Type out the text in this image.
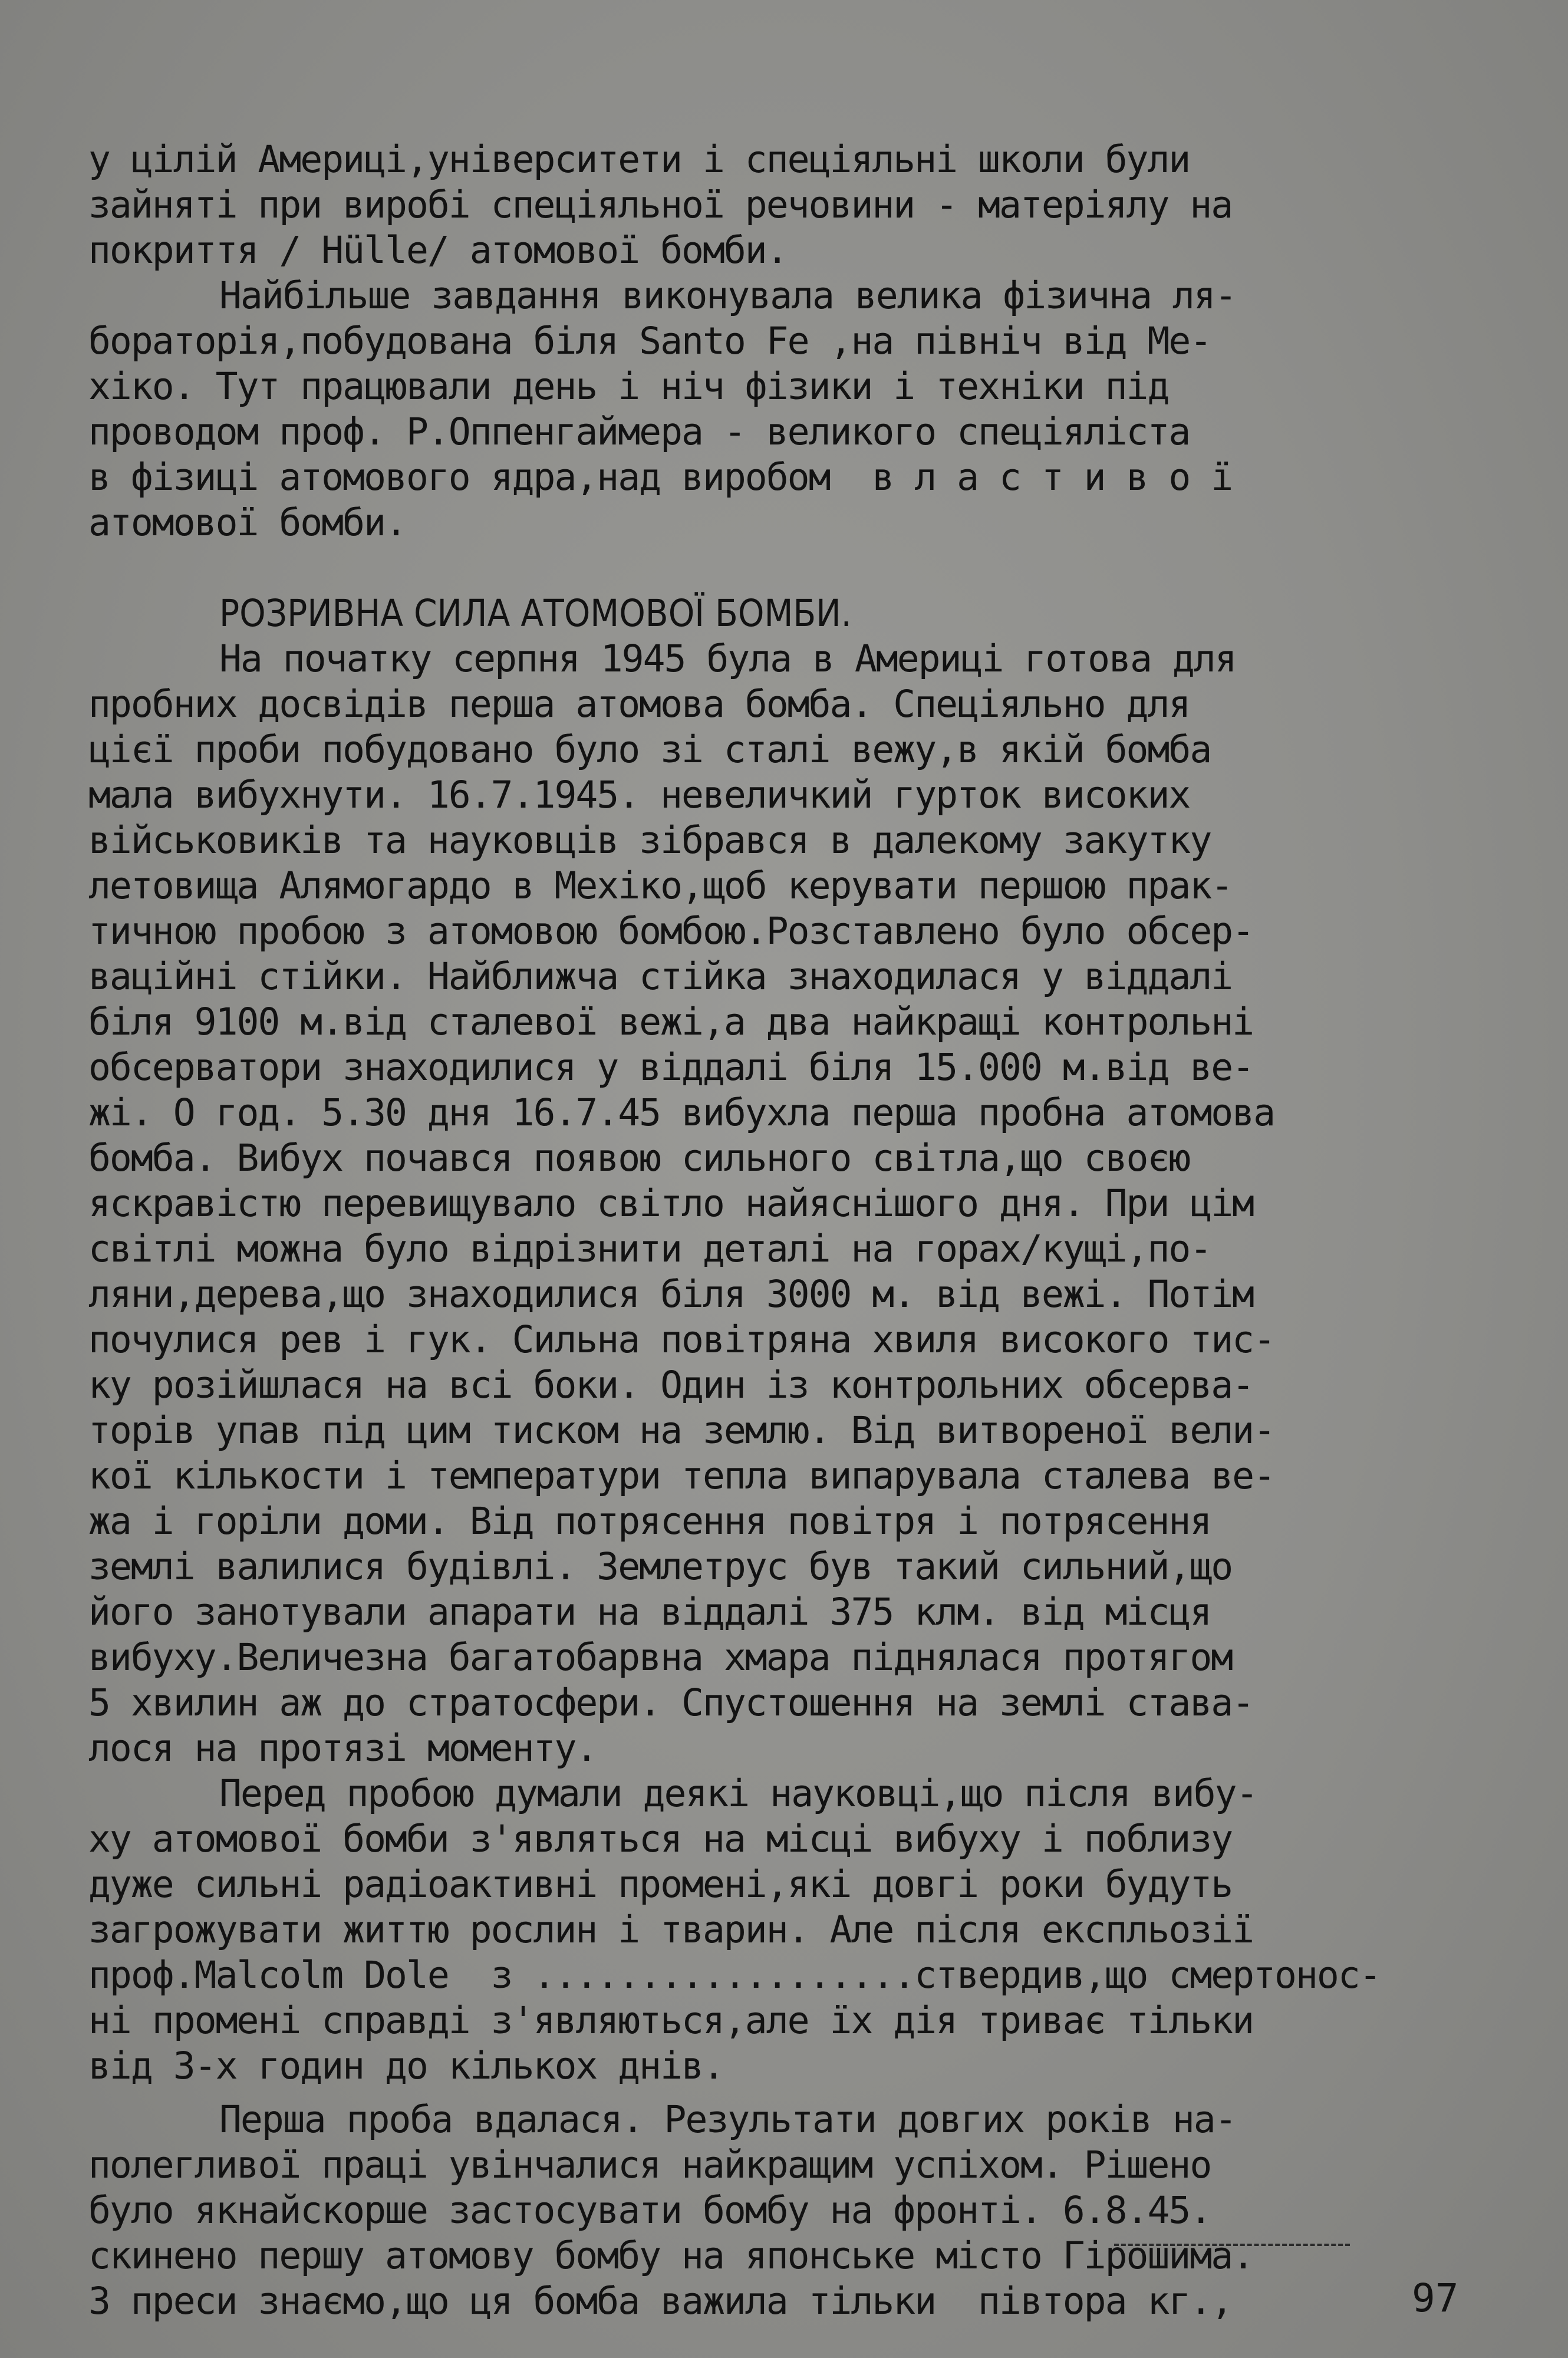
у цілій Америці,університети і спеціяльні школи були
зайняті при виробі спеціяльної речовини - матеріялу на
покриття / Hülle/ атомової бомби.
Найбільше завдання виконувала велика фізична ля-
бораторія,побудована біля Santo Fe ,на північ від Ме-
хіко. Тут працювали день і ніч фізики і техніки під
проводом проф. Р.Оппенгаймера - великого спеціяліста
в фізиці атомового ядра,над виробом  в л а с т и в о ї
атомової бомби.
РОЗРИВНА СИЛА АТОМОВОЇ БОМБИ.
На початку серпня 1945 була в Америці готова для
пробних досвідів перша атомова бомба. Спеціяльно для
цієї проби побудовано було зі сталі вежу,в якій бомба
мала вибухнути. 16.7.1945. невеличкий гурток високих
військовиків та науковців зібрався в далекому закутку
летовища Алямогардо в Мехіко,щоб керувати першою прак-
тичною пробою з атомовою бомбою.Розставлено було обсер-
ваційні стійки. Найближча стійка знаходилася у віддалі
біля 9100 м.від сталевої вежі,а два найкращі контрольні
обсерватори знаходилися у віддалі біля 15.000 м.від ве-
жі. О год. 5.30 дня 16.7.45 вибухла перша пробна атомова
бомба. Вибух почався появою сильного світла,що своєю
яскравістю перевищувало світло найяснішого дня. При цім
світлі можна було відрізнити деталі на горах/кущі,по-
ляни,дерева,що знаходилися біля 3000 м. від вежі. Потім
почулися рев і гук. Сильна повітряна хвиля високого тис-
ку розійшлася на всі боки. Один із контрольних обсерва-
торів упав під цим тиском на землю. Від витвореної вели-
кої кількости і температури тепла випарувала сталева ве-
жа і горіли доми. Від потрясення повітря і потрясення
землі валилися будівлі. Землетрус був такий сильний,що
його занотували апарати на віддалі 375 клм. від місця
вибуху.Величезна багатобарвна хмара піднялася протягом
5 хвилин аж до стратосфери. Спустошення на землі ставa-
лося на протязі моменту.
Перед пробою думали деякі науковці,що після вибу-
ху атомової бомби з'являться на місці вибуху і поблизу
дуже сильні радіоактивні промені,які довгі роки будуть
загрожувати життю рослин і тварин. Але після експльозії
проф.Malcolm Dole  з ..................ствердив,що смертонос-
ні промені справді з'являються,але їх дія триває тільки
від 3-х годин до кількох днів.
Перша проба вдалася. Результати довгих років на-
полегливої праці увінчалися найкращим успіхом. Рішено
було якнайскорше застосувати бомбу на фронті. 6.8.45.
скинено першу атомову бомбу на японське місто Гірошима.
З преси знаємо,що ця бомба важила тільки  півтора кг.,	97
